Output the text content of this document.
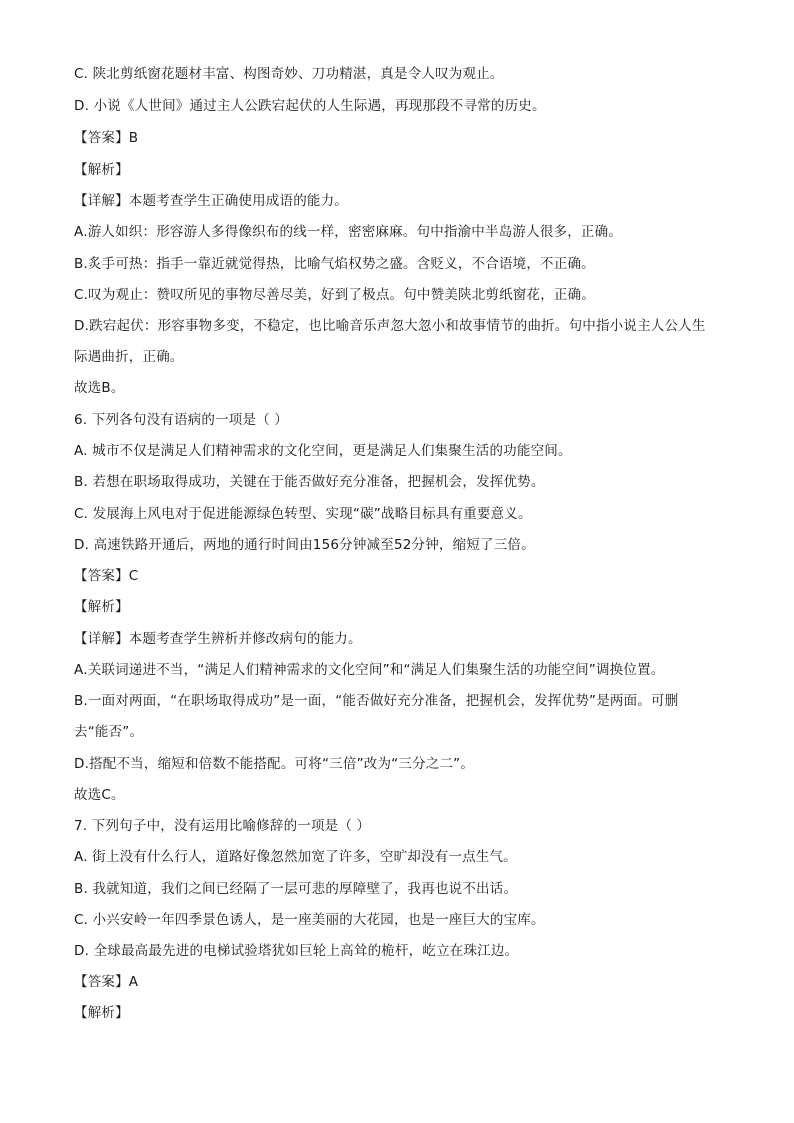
C. 陕北剪纸窗花题材丰富、构图奇妙、刀功精湛，真是令人叹为观止。
D. 小说《人世间》通过主人公跌宕起伏的人生际遇，再现那段不寻常的历史。
【答案】B
【解析】
【详解】本题考查学生正确使用成语的能力。
A.游人如织：形容游人多得像织布的线一样，密密麻麻。句中指渝中半岛游人很多，正确。
B.炙手可热：指手一靠近就觉得热，比喻气焰权势之盛。含贬义，不合语境，不正确。
C.叹为观止：赞叹所见的事物尽善尽美，好到了极点。句中赞美陕北剪纸窗花，正确。
D.跌宕起伏：形容事物多变，不稳定，也比喻音乐声忽大忽小和故事情节的曲折。句中指小说主人公人生
际遇曲折，正确。
故选B。
6. 下列各句没有语病的一项是（ ）
A. 城市不仅是满足人们精神需求的文化空间，更是满足人们集聚生活的功能空间。
B. 若想在职场取得成功，关键在于能否做好充分准备，把握机会，发挥优势。
C. 发展海上风电对于促进能源绿色转型、实现“碳”战略目标具有重要意义。
D. 高速铁路开通后，两地的通行时间由156分钟减至52分钟，缩短了三倍。
【答案】C
【解析】
【详解】本题考查学生辨析并修改病句的能力。
A.关联词递进不当，“满足人们精神需求的文化空间”和“满足人们集聚生活的功能空间”调换位置。
B.一面对两面，“在职场取得成功”是一面，“能否做好充分准备，把握机会，发挥优势”是两面。可删
去“能否”。
D.搭配不当，缩短和倍数不能搭配。可将“三倍”改为“三分之二”。
故选C。
7. 下列句子中，没有运用比喻修辞的一项是（ ）
A. 街上没有什么行人，道路好像忽然加宽了许多，空旷却没有一点生气。
B. 我就知道，我们之间已经隔了一层可悲的厚障壁了，我再也说不出话。
C. 小兴安岭一年四季景色诱人，是一座美丽的大花园，也是一座巨大的宝库。
D. 全球最高最先进的电梯试验塔犹如巨轮上高耸的桅杆，屹立在珠江边。
【答案】A
【解析】
